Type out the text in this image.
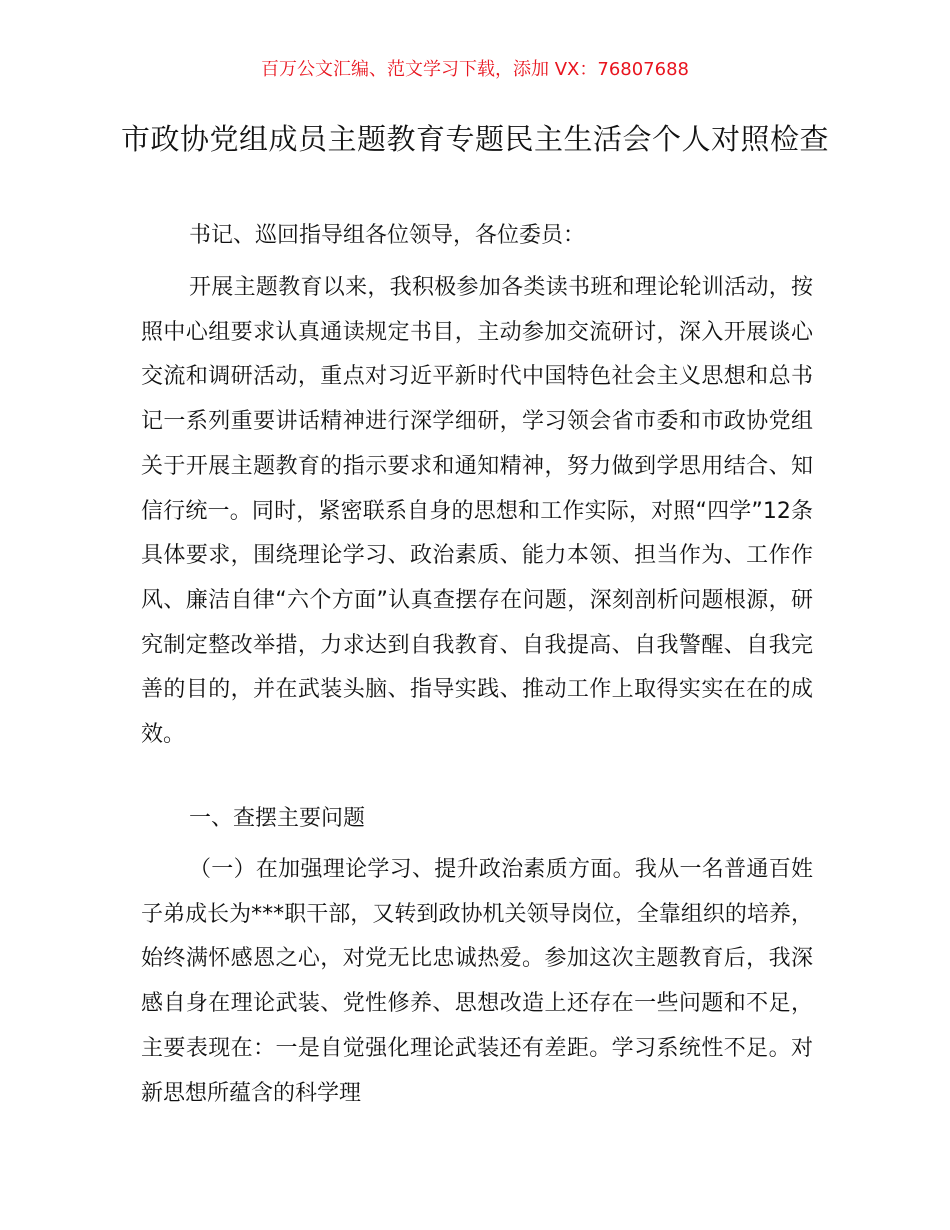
百万公文汇编、范文学习下载，添加 VX：76807688
市政协党组成员主题教育专题民主生活会个人对照检查

书记、巡回指导组各位领导，各位委员：

开展主题教育以来，我积极参加各类读书班和理论轮训活动，按照中心组要求认真通读规定书目，主动参加交流研讨，深入开展谈心交流和调研活动，重点对习近平新时代中国特色社会主义思想和总书记一系列重要讲话精神进行深学细研，学习领会省市委和市政协党组关于开展主题教育的指示要求和通知精神，努力做到学思用结合、知信行统一。同时，紧密联系自身的思想和工作实际，对照“四学”12条具体要求，围绕理论学习、政治素质、能力本领、担当作为、工作作风、廉洁自律“六个方面”认真查摆存在问题，深刻剖析问题根源，研究制定整改举措，力求达到自我教育、自我提高、自我警醒、自我完善的目的，并在武装头脑、指导实践、推动工作上取得实实在在的成效。

一、查摆主要问题

（一）在加强理论学习、提升政治素质方面。我从一名普通百姓子弟成长为***职干部，又转到政协机关领导岗位，全靠组织的培养，始终满怀感恩之心，对党无比忠诚热爱。参加这次主题教育后，我深感自身在理论武装、党性修养、思想改造上还存在一些问题和不足，主要表现在：一是自觉强化理论武装还有差距。学习系统性不足。对新思想所蕴含的科学理
